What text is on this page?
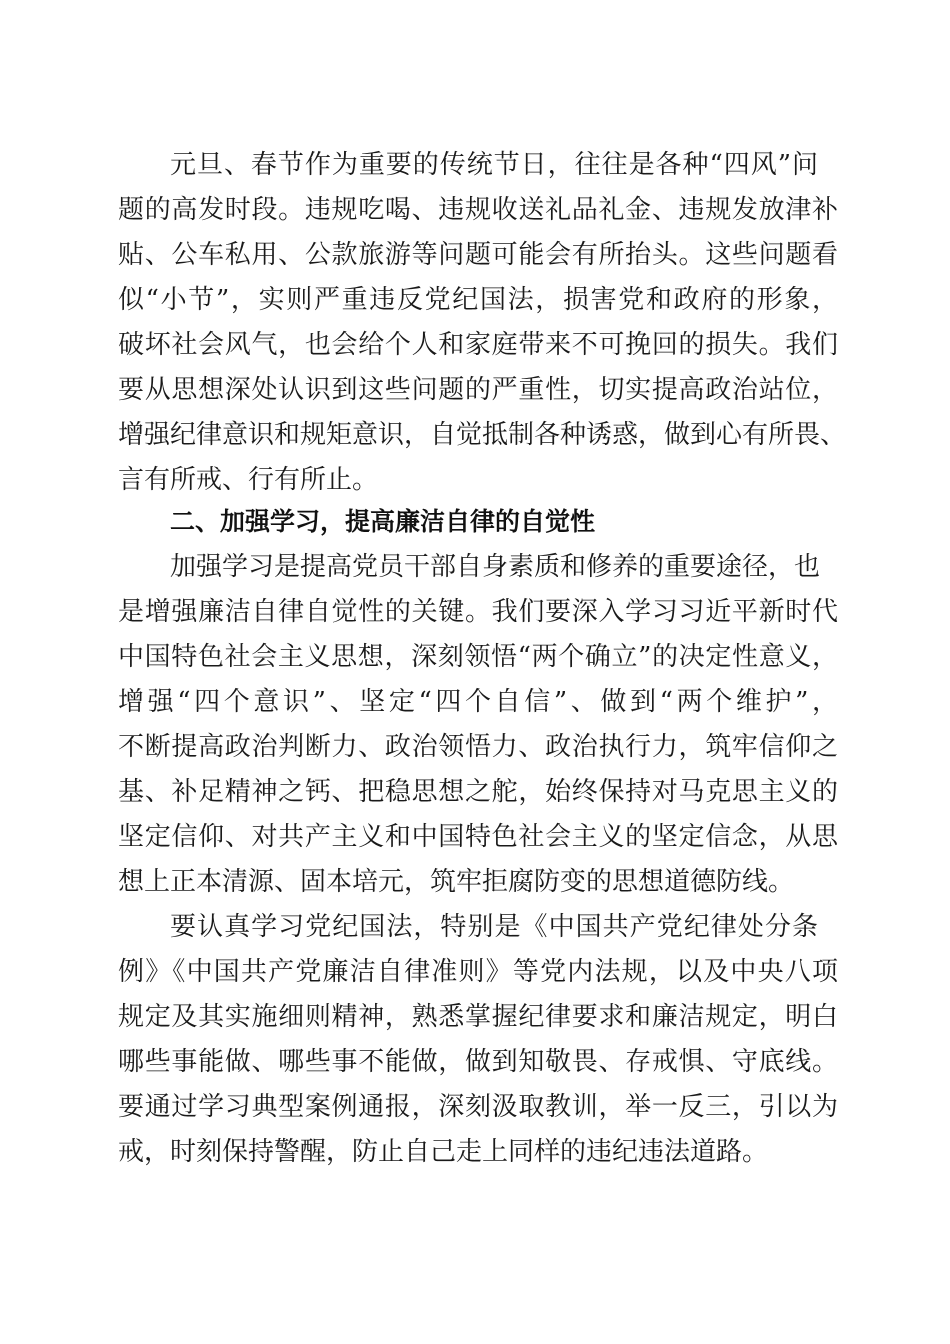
元旦、春节作为重要的传统节日，往往是各种“四风”问

题的高发时段。违规吃喝、违规收送礼品礼金、违规发放津补

贴、公车私用、公款旅游等问题可能会有所抬头。这些问题看

似“小节”，实则严重违反党纪国法，损害党和政府的形象，

破坏社会风气，也会给个人和家庭带来不可挽回的损失。我们

要从思想深处认识到这些问题的严重性，切实提高政治站位，

增强纪律意识和规矩意识，自觉抵制各种诱惑，做到心有所畏、

言有所戒、行有所止。

二、加强学习，提高廉洁自律的自觉性

加强学习是提高党员干部自身素质和修养的重要途径，也

是增强廉洁自律自觉性的关键。我们要深入学习习近平新时代

中国特色社会主义思想，深刻领悟“两个确立”的决定性意义，

增强“四个意识”、坚定“四个自信”、做到“两个维护”，

不断提高政治判断力、政治领悟力、政治执行力，筑牢信仰之

基、补足精神之钙、把稳思想之舵，始终保持对马克思主义的

坚定信仰、对共产主义和中国特色社会主义的坚定信念，从思

想上正本清源、固本培元，筑牢拒腐防变的思想道德防线。

要认真学习党纪国法，特别是《中国共产党纪律处分条

例》《中国共产党廉洁自律准则》等党内法规，以及中央八项

规定及其实施细则精神，熟悉掌握纪律要求和廉洁规定，明白

哪些事能做、哪些事不能做，做到知敬畏、存戒惧、守底线。

要通过学习典型案例通报，深刻汲取教训，举一反三，引以为

戒，时刻保持警醒，防止自己走上同样的违纪违法道路。
